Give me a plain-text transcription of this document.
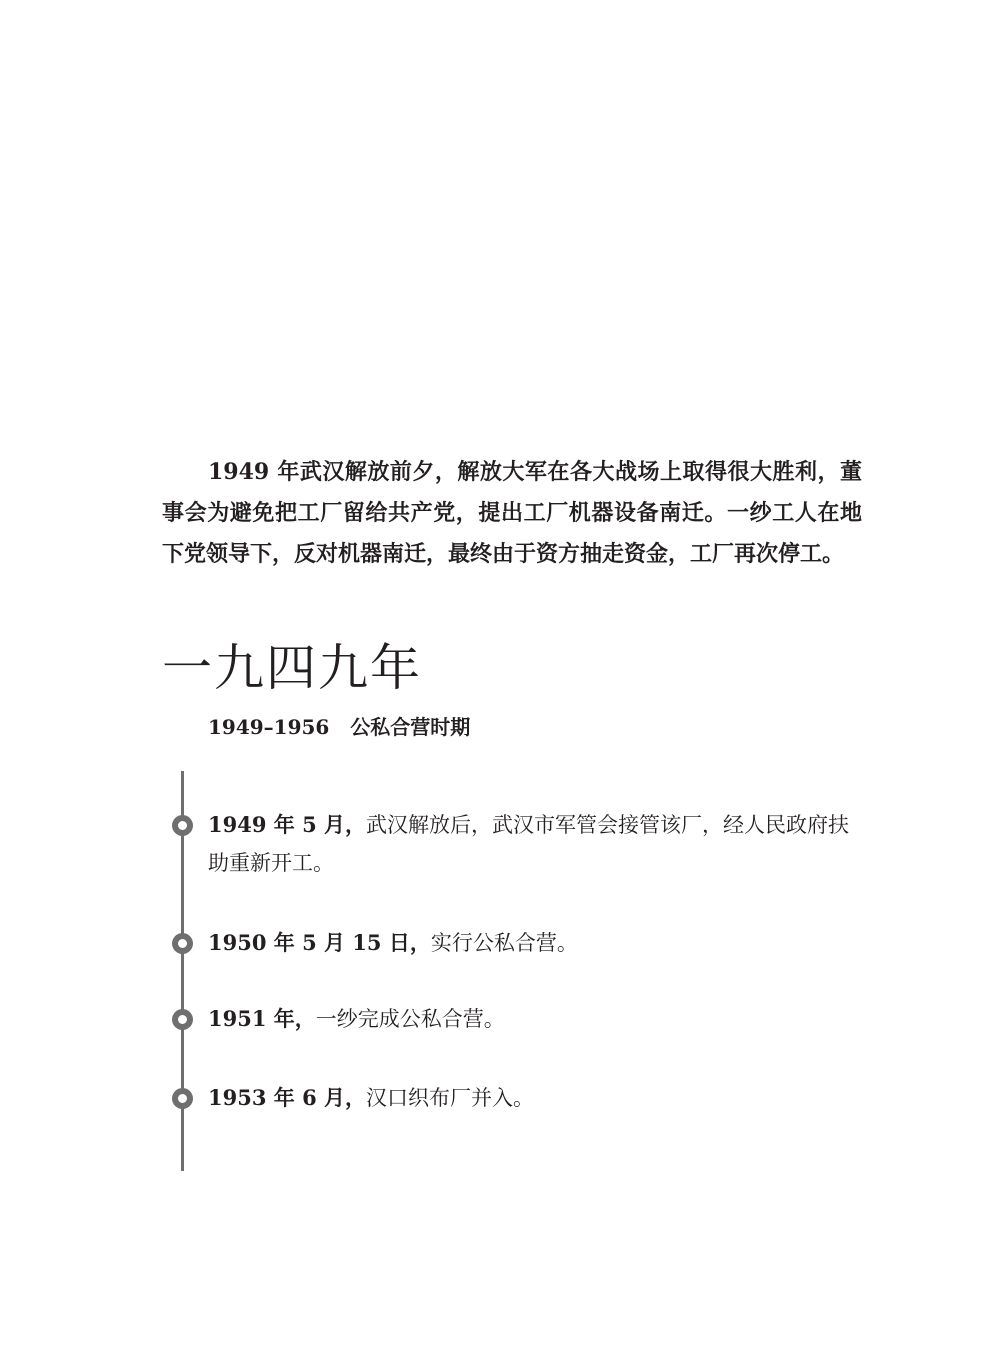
1949 年武汉解放前夕，解放大军在各大战场上取得很大胜利，董事会为避免把工厂留给共产党，提出工厂机器设备南迁。一纱工人在地下党领导下，反对机器南迁，最终由于资方抽走资金，工厂再次停工。

一九四九年
1949–1956 公私合营时期

1949 年 5 月，武汉解放后，武汉市军管会接管该厂，经人民政府扶助重新开工。

1950 年 5 月 15 日，实行公私合营。

1951 年，一纱完成公私合营。

1953 年 6 月，汉口织布厂并入。
